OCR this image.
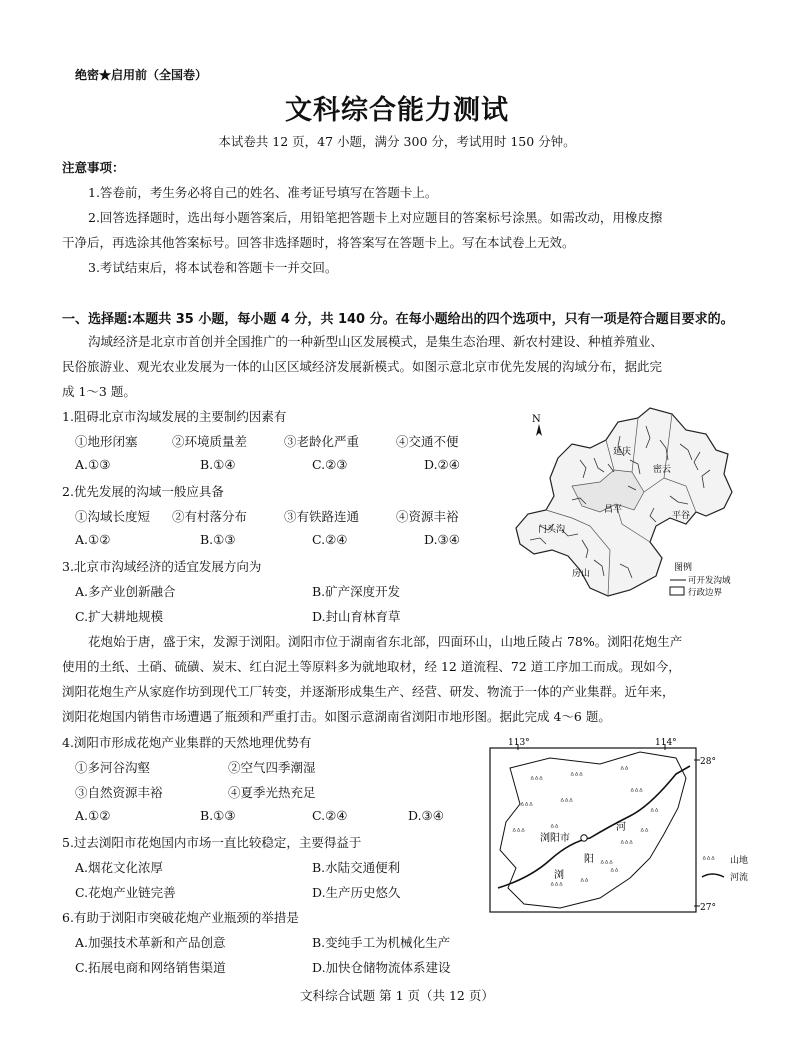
绝密★启用前（全国卷）
文科综合能力测试
本试卷共 12 页，47 小题，满分 300 分，考试用时 150 分钟。
注意事项：
1.答卷前，考生务必将自己的姓名、准考证号填写在答题卡上。
2.回答选择题时，选出每小题答案后，用铅笔把答题卡上对应题目的答案标号涂黑。如需改动，用橡皮擦
干净后，再选涂其他答案标号。回答非选择题时，将答案写在答题卡上。写在本试卷上无效。
3.考试结束后，将本试卷和答题卡一并交回。
一、选择题:本题共 35 小题，每小题 4 分，共 140 分。在每小题给出的四个选项中，只有一项是符合题目要求的。
沟域经济是北京市首创并全国推广的一种新型山区发展模式，是集生态治理、新农村建设、种植养殖业、
民俗旅游业、观光农业发展为一体的山区区域经济发展新模式。如图示意北京市优先发展的沟域分布，据此完
成 1～3 题。
1.阻碍北京市沟域发展的主要制约因素有
①地形闭塞	②环境质量差	③老龄化严重	④交通不便
A.①③	B.①④	C.②③	D.②④
2.优先发展的沟域一般应具备
①沟域长度短 ②有村落分布	③有铁路连通	④资源丰裕
A.①②	B.①③	C.②④	D.③④
3.北京市沟域经济的适宜发展方向为
A.多产业创新融合	B.矿产深度开发
C.扩大耕地规模	D.封山育林育草
N
延庆
密云
昌平
平谷
门头沟
房山
图例
可开发沟域
行政边界
花炮始于唐，盛于宋，发源于浏阳。浏阳市位于湖南省东北部，四面环山，山地丘陵占 78%。浏阳花炮生产
使用的土纸、土硝、硫磺、炭末、红白泥土等原料多为就地取材，经 12 道流程、72 道工序加工而成。现如今，
浏阳花炮生产从家庭作坊到现代工厂转变，并逐渐形成集生产、经营、研发、物流于一体的产业集群。近年来，
浏阳花炮国内销售市场遭遇了瓶颈和严重打击。如图示意湖南省浏阳市地形图。据此完成 4～6 题。
4.浏阳市形成花炮产业集群的天然地理优势有
①多河谷沟壑	②空气四季潮湿
③自然资源丰裕	④夏季光热充足
A.①②	B.①③	C.②④	D.③④
5.过去浏阳市花炮国内市场一直比较稳定，主要得益于
A.烟花文化浓厚	B.水陆交通便利
C.花炮产业链完善	D.生产历史悠久
6.有助于浏阳市突破花炮产业瓶颈的举措是
A.加强技术革新和产品创意	B.变纯手工为机械化生产
C.拓展电商和网络销售渠道	D.加快仓储物流体系建设
113°	114°
28°
27°
ᐞᐞᐞ	ᐞᐞᐞ
ᐞᐞ
ᐞᐞᐞ	ᐞᐞᐞ
ᐞᐞᐞ
ᐞᐞᐞ	ᐞᐞ
ᐞᐞ
ᐞᐞᐞ
ᐞᐞ
ᐞᐞᐞ
ᐞᐞᐞ ᐞᐞ
ᐞᐞ
浏阳市
河
阳
浏
ᐞᐞᐞ 山地
河流
文科综合试题 第 1 页（共 12 页）
